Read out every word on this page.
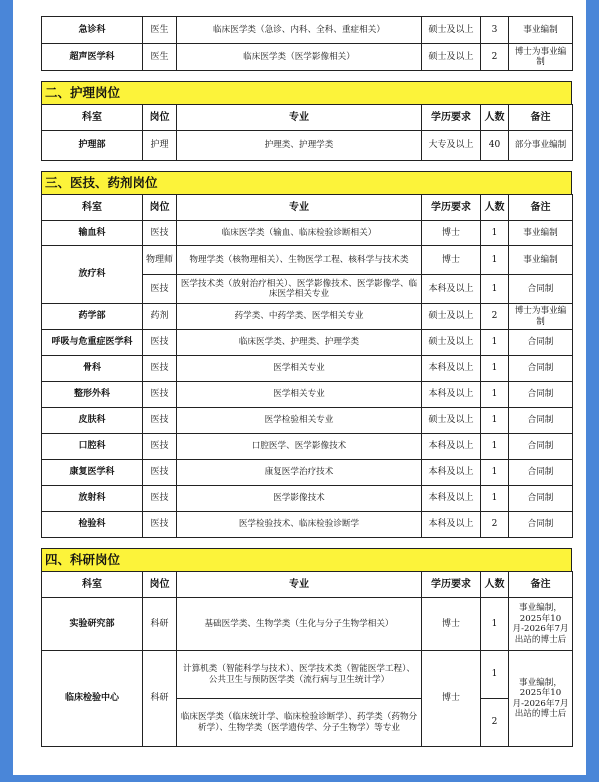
急诊科	医生	临床医学类（急诊、内科、全科、重症相关）	硕士及以上	3	事业编制
超声医学科	医生	临床医学类（医学影像相关）	硕士及以上	2	博士为事业编制
二、护理岗位
科室	岗位	专业	学历要求	人数	备注
护理部	护理	护理类、护理学类	大专及以上	40	部分事业编制
三、医技、药剂岗位
科室	岗位	专业	学历要求	人数	备注
输血科	医技	临床医学类（输血、临床检验诊断相关）	博士	1	事业编制
放疗科	物理师	物理学类（核物理相关）、生物医学工程、核科学与技术类	博士	1	事业编制
	医技	医学技术类（放射治疗相关）、医学影像技术、医学影像学、临床医学相关专业	本科及以上	1	合同制
药学部	药剂	药学类、中药学类、医学相关专业	硕士及以上	2	博士为事业编制
呼吸与危重症医学科	医技	临床医学类、护理类、护理学类	硕士及以上	1	合同制
骨科	医技	医学相关专业	本科及以上	1	合同制
整形外科	医技	医学相关专业	本科及以上	1	合同制
皮肤科	医技	医学检验相关专业	硕士及以上	1	合同制
口腔科	医技	口腔医学、医学影像技术	本科及以上	1	合同制
康复医学科	医技	康复医学治疗技术	本科及以上	1	合同制
放射科	医技	医学影像技术	本科及以上	1	合同制
检验科	医技	医学检验技术、临床检验诊断学	本科及以上	2	合同制
四、科研岗位
科室	岗位	专业	学历要求	人数	备注
实验研究部	科研	基础医学类、生物学类（生化与分子生物学相关）	博士	1	事业编制，2025年10月-2026年7月出站的博士后
临床检验中心	科研	计算机类（智能科学与技术）、医学技术类（智能医学工程）、公共卫生与预防医学类（流行病与卫生统计学）	博士	1	事业编制，2025年10月-2026年7月出站的博士后
		临床医学类（临床统计学、临床检验诊断学）、药学类（药物分析学）、生物学类（医学遗传学、分子生物学）等专业		2	
